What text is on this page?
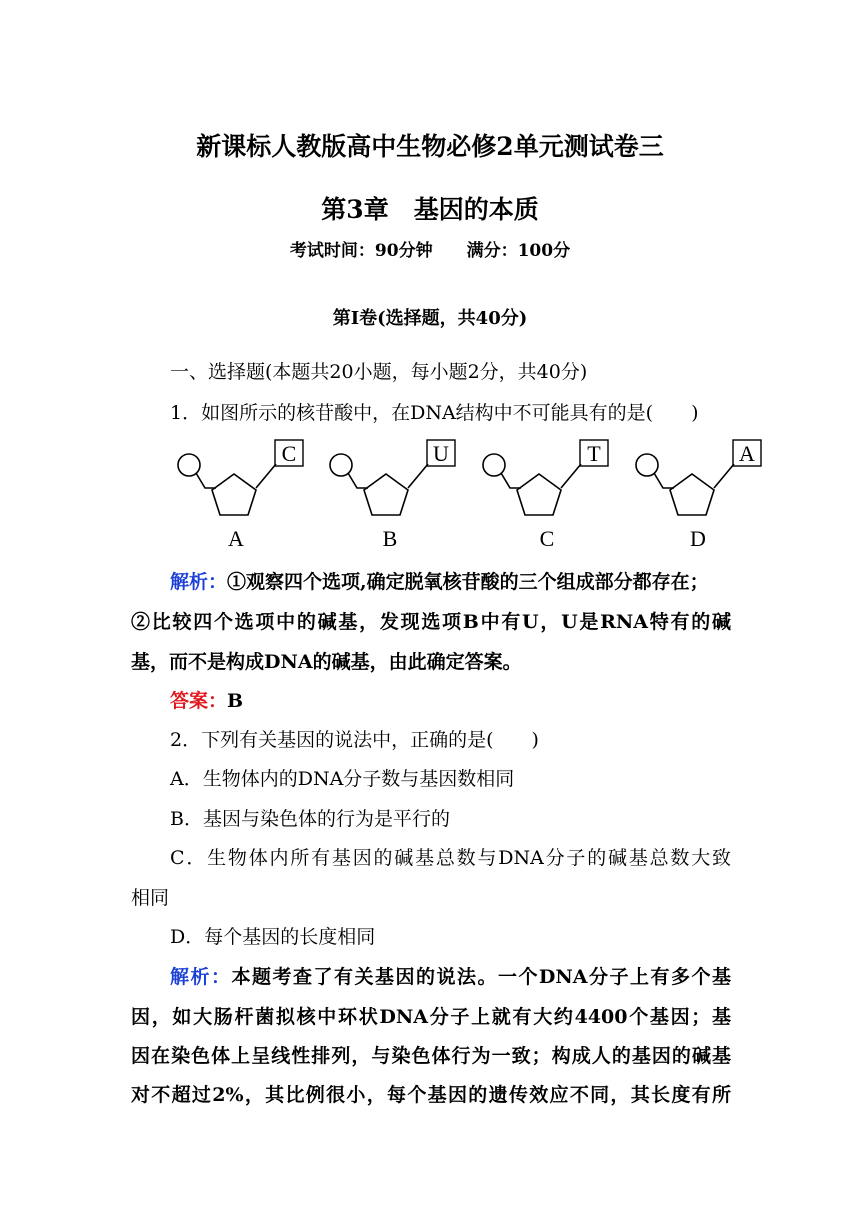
新课标人教版高中生物必修2单元测试卷三
第3章　基因的本质
考试时间：90分钟　　满分：100分
第Ⅰ卷(选择题，共40分)
一、选择题(本题共20小题，每小题2分，共40分)
1．如图所示的核苷酸中，在DNA结构中不可能具有的是(　　)
C
A
U
B
T
C
A
D
解析：①观察四个选项,确定脱氧核苷酸的三个组成部分都存在；
②比较四个选项中的碱基，发现选项B中有U，U是RNA特有的碱
基，而不是构成DNA的碱基，由此确定答案。
答案：B
2．下列有关基因的说法中，正确的是(　　)
A．生物体内的DNA分子数与基因数相同
B．基因与染色体的行为是平行的
C．生物体内所有基因的碱基总数与DNA分子的碱基总数大致
相同
D．每个基因的长度相同
解析：本题考查了有关基因的说法。一个DNA分子上有多个基
因，如大肠杆菌拟核中环状DNA分子上就有大约4400个基因；基
因在染色体上呈线性排列，与染色体行为一致；构成人的基因的碱基
对不超过2%，其比例很小，每个基因的遗传效应不同，其长度有所
